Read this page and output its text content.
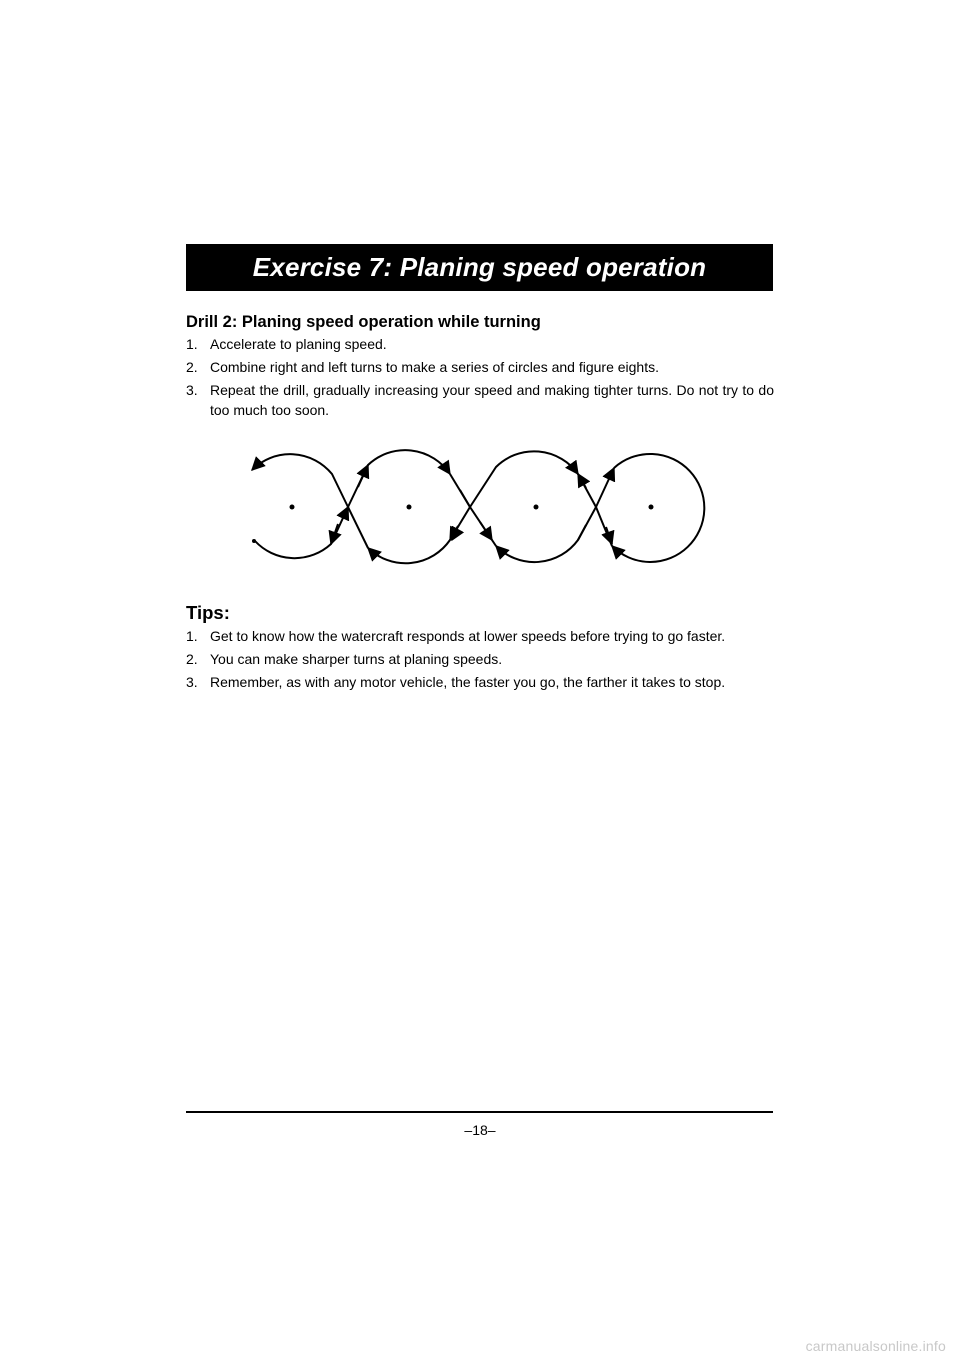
Exercise 7: Planing speed operation
Drill 2: Planing speed operation while turning
1. Accelerate to planing speed.
2. Combine right and left turns to make a series of circles and figure eights.
3. Repeat the drill, gradually increasing your speed and making tighter turns. Do not try to do too much too soon.
Tips:
1. Get to know how the watercraft responds at lower speeds before trying to go faster.
2. You can make sharper turns at planing speeds.
3. Remember, as with any motor vehicle, the faster you go, the farther it takes to stop.
–18–
carmanualsonline.info
